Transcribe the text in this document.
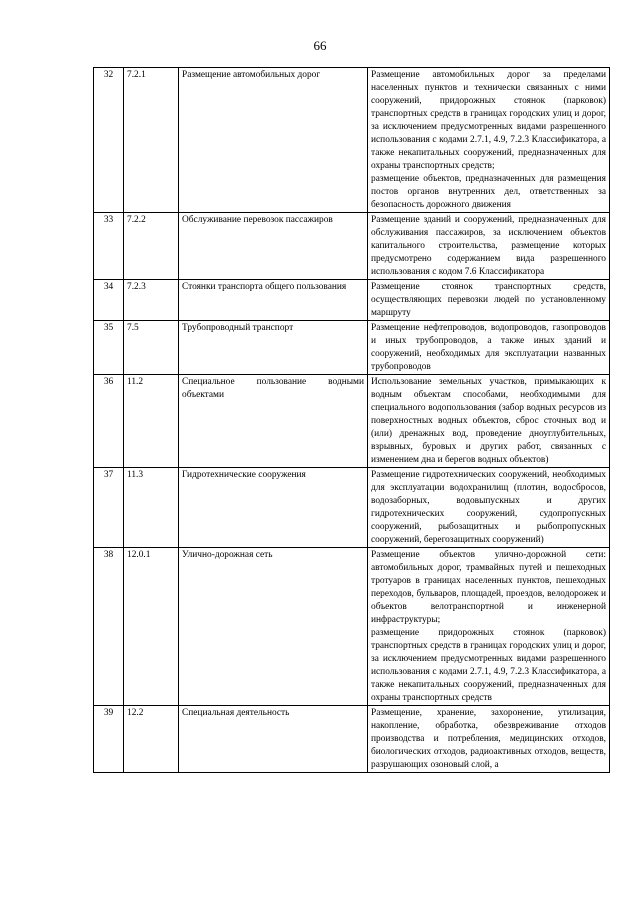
66
32	7.2.1	Размещение автомобильных дорог	Размещение автомобильных дорог за пределами населенных пунктов и технически связанных с ними сооружений, придорожных стоянок (парковок) транспортных средств в границах городских улиц и дорог, за исключением предусмотренных видами разрешенного использования с кодами 2.7.1, 4.9, 7.2.3 Классификатора, а также некапитальных сооружений, предназначенных для охраны транспортных средств;
размещение объектов, предназначенных для размещения постов органов внутренних дел, ответственных за безопасность дорожного движения

33	7.2.2	Обслуживание перевозок пассажиров	Размещение зданий и сооружений, предназначенных для обслуживания пассажиров, за исключением объектов капитального строительства, размещение которых предусмотрено содержанием вида разрешенного использования с кодом 7.6 Классификатора

34	7.2.3	Стоянки транспорта общего пользования	Размещение стоянок транспортных средств, осуществляющих перевозки людей по установленному маршруту

35	7.5	Трубопроводный транспорт	Размещение нефтепроводов, водопроводов, газопроводов и иных трубопроводов, а также иных зданий и сооружений, необходимых для эксплуатации названных трубопроводов

36	11.2	Специальное пользование водными объектами	Использование земельных участков, примыкающих к водным объектам способами, необходимыми для специального водопользования (забор водных ресурсов из поверхностных водных объектов, сброс сточных вод и (или) дренажных вод, проведение дноуглубительных, взрывных, буровых и других работ, связанных с изменением дна и берегов водных объектов)

37	11.3	Гидротехнические сооружения	Размещение гидротехнических сооружений, необходимых для эксплуатации водохранилищ (плотин, водосбросов, водозаборных, водовыпускных и других гидротехнических сооружений, судопропускных сооружений, рыбозащитных и рыбопропускных сооружений, берегозащитных сооружений)

38	12.0.1	Улично-дорожная сеть	Размещение объектов улично-дорожной сети: автомобильных дорог, трамвайных путей и пешеходных тротуаров в границах населенных пунктов, пешеходных переходов, бульваров, площадей, проездов, велодорожек и объектов велотранспортной и инженерной инфраструктуры;
размещение придорожных стоянок (парковок) транспортных средств в границах городских улиц и дорог, за исключением предусмотренных видами разрешенного использования с кодами 2.7.1, 4.9, 7.2.3 Классификатора, а также некапитальных сооружений, предназначенных для охраны транспортных средств

39	12.2	Специальная деятельность	Размещение, хранение, захоронение, утилизация, накопление, обработка, обезвреживание отходов производства и потребления, медицинских отходов, биологических отходов, радиоактивных отходов, веществ, разрушающих озоновый слой, а
